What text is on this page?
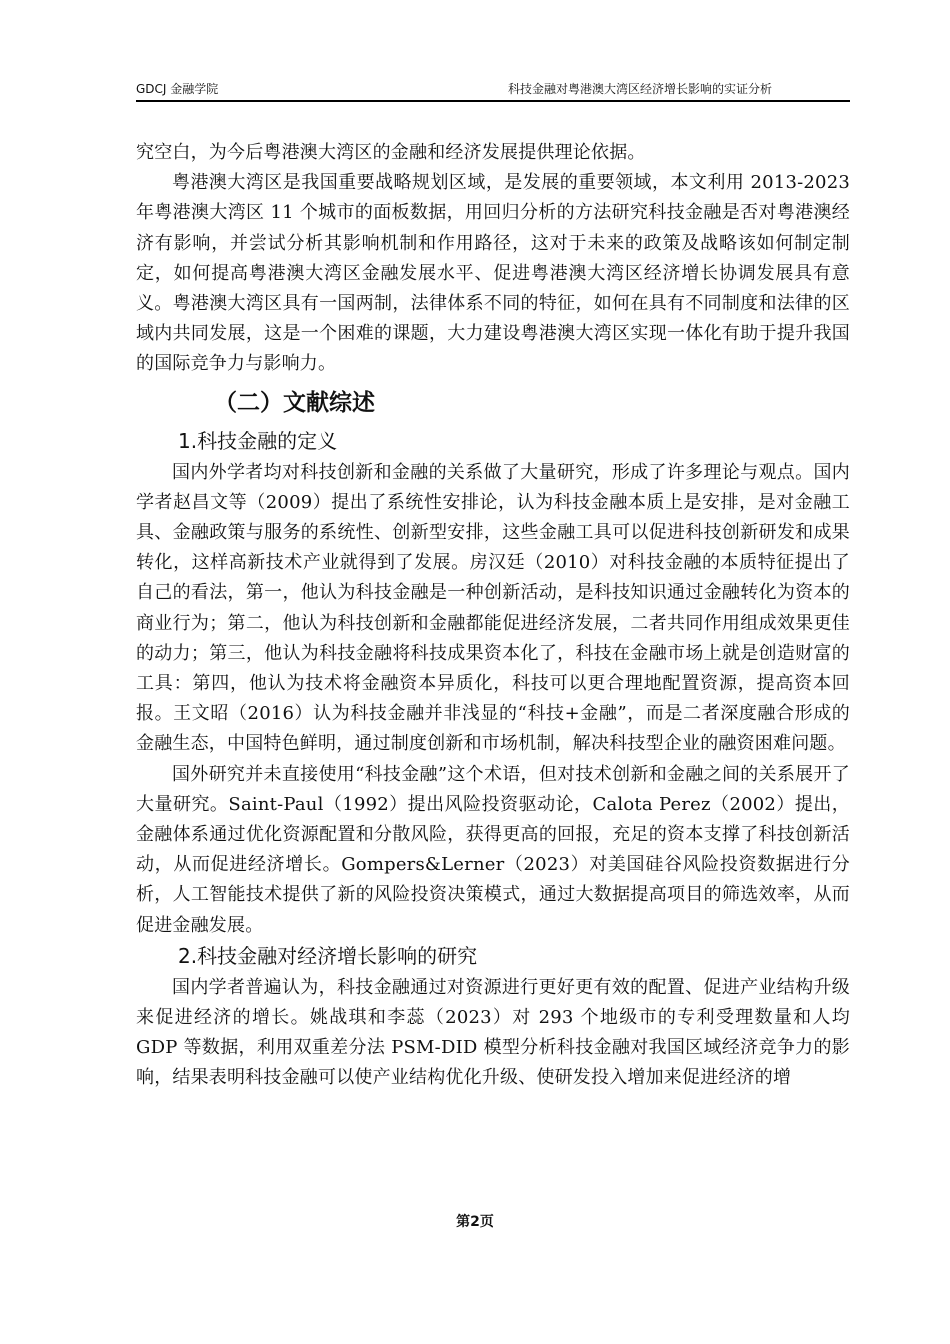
GDCJ 金融学院	科技金融对粤港澳大湾区经济增长影响的实证分析

究空白，为今后粤港澳大湾区的金融和经济发展提供理论依据。

粤港澳大湾区是我国重要战略规划区域，是发展的重要领域，本文利用 2013-2023 年粤港澳大湾区 11 个城市的面板数据，用回归分析的方法研究科技金融是否对粤港澳经济有影响，并尝试分析其影响机制和作用路径，这对于未来的政策及战略该如何制定制定，如何提高粤港澳大湾区金融发展水平、促进粤港澳大湾区经济增长协调发展具有意义。粤港澳大湾区具有一国两制，法律体系不同的特征，如何在具有不同制度和法律的区域内共同发展，这是一个困难的课题，大力建设粤港澳大湾区实现一体化有助于提升我国的国际竞争力与影响力。

（二）文献综述
1.科技金融的定义

国内外学者均对科技创新和金融的关系做了大量研究，形成了许多理论与观点。国内学者赵昌文等（2009）提出了系统性安排论，认为科技金融本质上是安排，是对金融工具、金融政策与服务的系统性、创新型安排，这些金融工具可以促进科技创新研发和成果转化，这样高新技术产业就得到了发展。房汉廷（2010）对科技金融的本质特征提出了自己的看法，第一，他认为科技金融是一种创新活动，是科技知识通过金融转化为资本的商业行为；第二，他认为科技创新和金融都能促进经济发展，二者共同作用组成效果更佳的动力；第三，他认为科技金融将科技成果资本化了，科技在金融市场上就是创造财富的工具：第四，他认为技术将金融资本异质化，科技可以更合理地配置资源，提高资本回报。王文昭（2016）认为科技金融并非浅显的“科技+金融”，而是二者深度融合形成的金融生态，中国特色鲜明，通过制度创新和市场机制，解决科技型企业的融资困难问题。

国外研究并未直接使用“科技金融”这个术语，但对技术创新和金融之间的关系展开了大量研究。Saint-Paul（1992）提出风险投资驱动论，Calota Perez（2002）提出，金融体系通过优化资源配置和分散风险，获得更高的回报，充足的资本支撑了科技创新活动，从而促进经济增长。Gompers&Lerner（2023）对美国硅谷风险投资数据进行分析，人工智能技术提供了新的风险投资决策模式，通过大数据提高项目的筛选效率，从而促进金融发展。

2.科技金融对经济增长影响的研究

国内学者普遍认为，科技金融通过对资源进行更好更有效的配置、促进产业结构升级来促进经济的增长。姚战琪和李蕊（2023）对 293 个地级市的专利受理数量和人均 GDP 等数据，利用双重差分法 PSM-DID 模型分析科技金融对我国区域经济竞争力的影响，结果表明科技金融可以使产业结构优化升级、使研发投入增加来促进经济的增

第2页
